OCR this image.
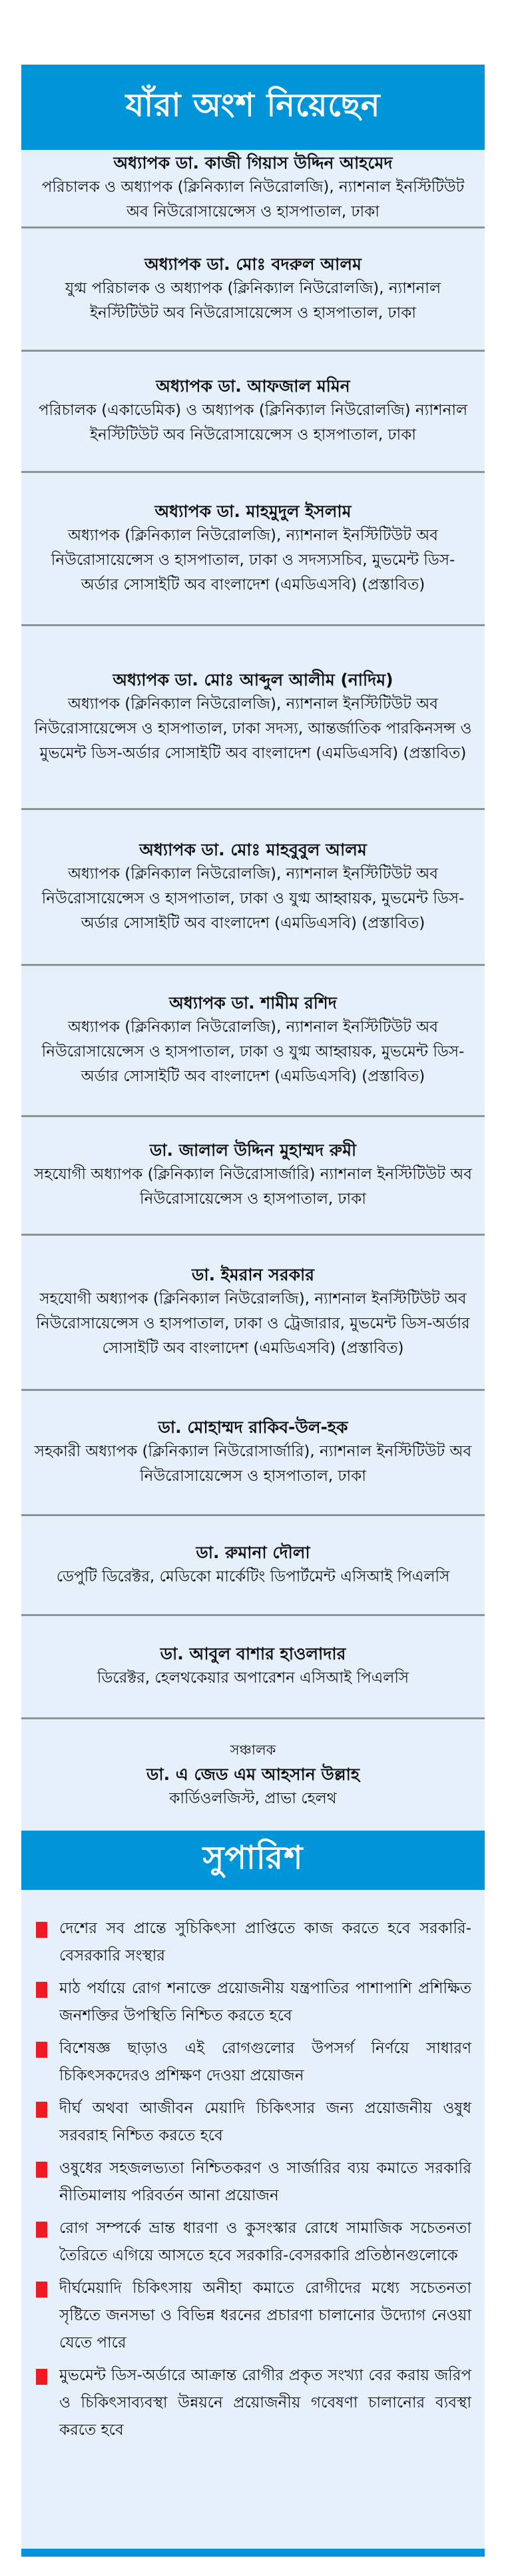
যাঁরা অংশ নিয়েছেন
অধ্যাপক ডা. কাজী গিয়াস উদ্দিন আহমেদ
পরিচালক ও অধ্যাপক (ক্লিনিক্যাল নিউরোলজি), ন্যাশনাল ইনস্টিটিউট অব নিউরোসায়েন্সেস ও হাসপাতাল, ঢাকা
অধ্যাপক ডা. মোঃ বদরুল আলম
যুগ্ম পরিচালক ও অধ্যাপক (ক্লিনিক্যাল নিউরোলজি), ন্যাশনাল ইনস্টিটিউট অব নিউরোসায়েন্সেস ও হাসপাতাল, ঢাকা
অধ্যাপক ডা. আফজাল মমিন
পরিচালক (একাডেমিক) ও অধ্যাপক (ক্লিনিক্যাল নিউরোলজি) ন্যাশনাল ইনস্টিটিউট অব নিউরোসায়েন্সেস ও হাসপাতাল, ঢাকা
অধ্যাপক ডা. মাহমুদুল ইসলাম
অধ্যাপক (ক্লিনিক্যাল নিউরোলজি), ন্যাশনাল ইনস্টিটিউট অব নিউরোসায়েন্সেস ও হাসপাতাল, ঢাকা ও সদস্যসচিব, মুভমেন্ট ডিস-অর্ডার সোসাইটি অব বাংলাদেশ (এমডিএসবি) (প্রস্তাবিত)
অধ্যাপক ডা. মোঃ আব্দুল আলীম (নাদিম)
অধ্যাপক (ক্লিনিক্যাল নিউরোলজি), ন্যাশনাল ইনস্টিটিউট অব নিউরোসায়েন্সেস ও হাসপাতাল, ঢাকা সদস্য, আন্তর্জাতিক পারকিনসন্স ও মুভমেন্ট ডিস-অর্ডার সোসাইটি অব বাংলাদেশ (এমডিএসবি) (প্রস্তাবিত)
অধ্যাপক ডা. মোঃ মাহবুবুল আলম
অধ্যাপক (ক্লিনিক্যাল নিউরোলজি), ন্যাশনাল ইনস্টিটিউট অব নিউরোসায়েন্সেস ও হাসপাতাল, ঢাকা ও যুগ্ম আহ্বায়ক, মুভমেন্ট ডিস-অর্ডার সোসাইটি অব বাংলাদেশ (এমডিএসবি) (প্রস্তাবিত)
অধ্যাপক ডা. শামীম রশিদ
অধ্যাপক (ক্লিনিক্যাল নিউরোলজি), ন্যাশনাল ইনস্টিটিউট অব নিউরোসায়েন্সেস ও হাসপাতাল, ঢাকা ও যুগ্ম আহ্বায়ক, মুভমেন্ট ডিস-অর্ডার সোসাইটি অব বাংলাদেশ (এমডিএসবি) (প্রস্তাবিত)
ডা. জালাল উদ্দিন মুহাম্মদ রুমী
সহযোগী অধ্যাপক (ক্লিনিক্যাল নিউরোসার্জারি) ন্যাশনাল ইনস্টিটিউট অব নিউরোসায়েন্সেস ও হাসপাতাল, ঢাকা
ডা. ইমরান সরকার
সহযোগী অধ্যাপক (ক্লিনিক্যাল নিউরোলজি), ন্যাশনাল ইনস্টিটিউট অব নিউরোসায়েন্সেস ও হাসপাতাল, ঢাকা ও ট্রেজারার, মুভমেন্ট ডিস-অর্ডার সোসাইটি অব বাংলাদেশ (এমডিএসবি) (প্রস্তাবিত)
ডা. মোহাম্মদ রাকিব-উল-হক
সহকারী অধ্যাপক (ক্লিনিক্যাল নিউরোসার্জারি), ন্যাশনাল ইনস্টিটিউট অব নিউরোসায়েন্সেস ও হাসপাতাল, ঢাকা
ডা. রুমানা দৌলা
ডেপুটি ডিরেক্টর, মেডিকো মার্কেটিং ডিপার্টমেন্ট এসিআই পিএলসি
ডা. আবুল বাশার হাওলাদার
ডিরেক্টর, হেলথকেয়ার অপারেশন এসিআই পিএলসি
সঞ্চালক
ডা. এ জেড এম আহসান উল্লাহ
কার্ডিওলজিস্ট, প্রাভা হেলথ
সুপারিশ
দেশের সব প্রান্তে সুচিকিৎসা প্রাপ্তিতে কাজ করতে হবে সরকারি-বেসরকারি সংস্থার
মাঠ পর্যায়ে রোগ শনাক্তে প্রয়োজনীয় যন্ত্রপাতির পাশাপাশি প্রশিক্ষিত জনশক্তির উপস্থিতি নিশ্চিত করতে হবে
বিশেষজ্ঞ ছাড়াও এই রোগগুলোর উপসর্গ নির্ণয়ে সাধারণ চিকিৎসকদেরও প্রশিক্ষণ দেওয়া প্রয়োজন
দীর্ঘ অথবা আজীবন মেয়াদি চিকিৎসার জন্য প্রয়োজনীয় ওষুধ সরবরাহ নিশ্চিত করতে হবে
ওষুধের সহজলভ্যতা নিশ্চিতকরণ ও সার্জারির ব্যয় কমাতে সরকারি নীতিমালায় পরিবর্তন আনা প্রয়োজন
রোগ সম্পর্কে ভ্রান্ত ধারণা ও কুসংস্কার রোধে সামাজিক সচেতনতা তৈরিতে এগিয়ে আসতে হবে সরকারি-বেসরকারি প্রতিষ্ঠানগুলোকে
দীর্ঘমেয়াদি চিকিৎসায় অনীহা কমাতে রোগীদের মধ্যে সচেতনতা সৃষ্টিতে জনসভা ও বিভিন্ন ধরনের প্রচারণা চালানোর উদ্যোগ নেওয়া যেতে পারে
মুভমেন্ট ডিস-অর্ডারে আক্রান্ত রোগীর প্রকৃত সংখ্যা বের করায় জরিপ ও চিকিৎসাব্যবস্থা উন্নয়নে প্রয়োজনীয় গবেষণা চালানোর ব্যবস্থা করতে হবে
